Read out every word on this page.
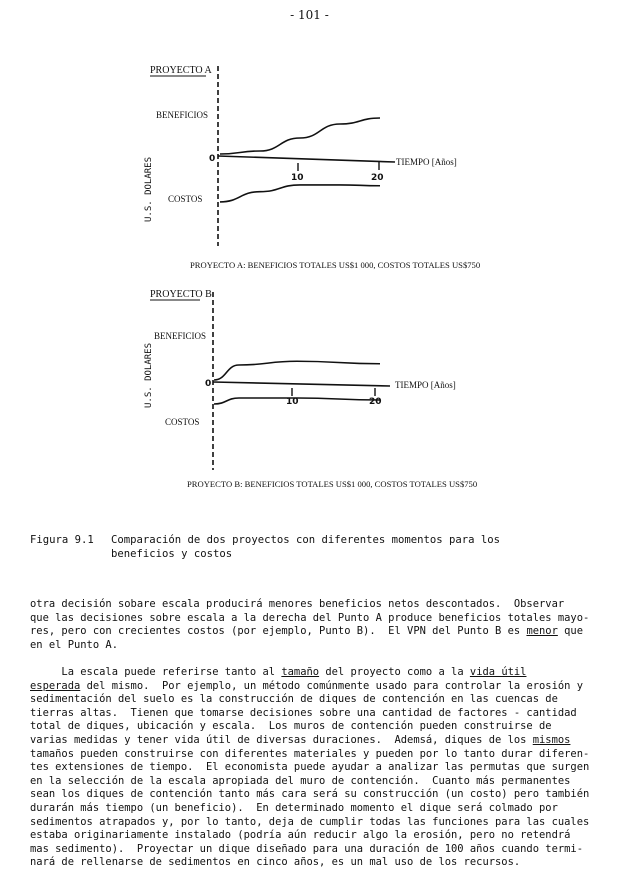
- 101 -
PROYECTO A
BENEFICIOS
COSTOS
U.S. DOLARES	0	TIEMPO [Años]
10	20
PROYECTO A: BENEFICIOS TOTALES US$1 000, COSTOS TOTALES US$750
PROYECTO B
BENEFICIOS
COSTOS
U.S. DOLARES	0	TIEMPO [Años]
10	20
PROYECTO B: BENEFICIOS TOTALES US$1 000, COSTOS TOTALES US$750
Figura 9.1 Comparación de dos proyectos con diferentes momentos para los
beneficios y costos
otra decisión sobare escala producirá menores beneficios netos descontados.  Observar
que las decisiones sobre escala a la derecha del Punto A produce beneficios totales mayo-
res, pero con crecientes costos (por ejemplo, Punto B).  El VPN del Punto B es menor que
en el Punto A.
La escala puede referirse tanto al tamaño del proyecto como a la vida útil
esperada del mismo.  Por ejemplo, un método comúnmente usado para controlar la erosión y
sedimentación del suelo es la construcción de diques de contención en las cuencas de
tierras altas.  Tienen que tomarse decisiones sobre una cantidad de factores - cantidad
total de diques, ubicación y escala.  Los muros de contención pueden construirse de
varias medidas y tener vida útil de diversas duraciones.  Ademsá, diques de los mismos
tamaños pueden construirse con diferentes materiales y pueden por lo tanto durar diferen-
tes extensiones de tiempo.  El economista puede ayudar a analizar las permutas que surgen
en la selección de la escala apropiada del muro de contención.  Cuanto más permanentes
sean los diques de contención tanto más cara será su construcción (un costo) pero también
durarán más tiempo (un beneficio).  En determinado momento el dique será colmado por
sedimentos atrapados y, por lo tanto, deja de cumplir todas las funciones para las cuales
estaba originariamente instalado (podría aún reducir algo la erosión, pero no retendrá
mas sedimento).  Proyectar un dique diseñado para una duración de 100 años cuando termi-
nará de rellenarse de sedimentos en cinco años, es un mal uso de los recursos.
